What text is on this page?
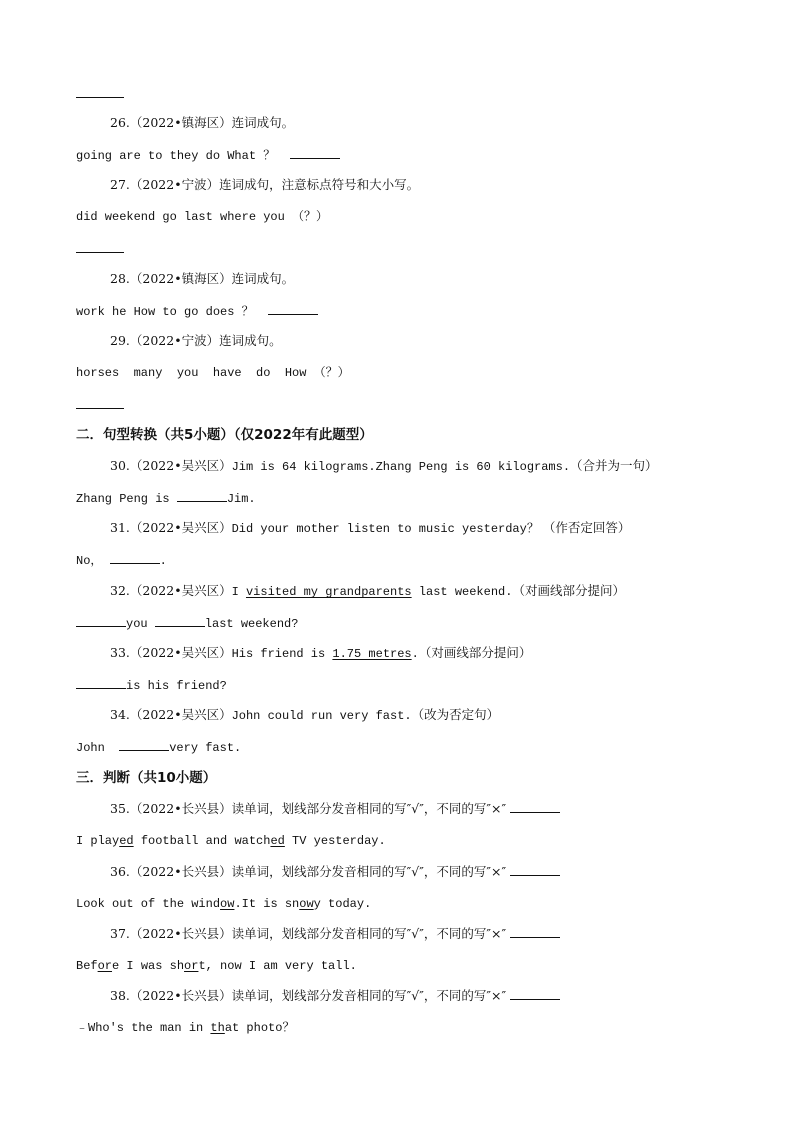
26.（2022•镇海区）连词成句。
going are to they do What ？
27.（2022•宁波）连词成句，注意标点符号和大小写。
did weekend go last where you （？）
28.（2022•镇海区）连词成句。
work he How to go does ？
29.（2022•宁波）连词成句。
horses  many  you  have  do  How （？）
二．句型转换（共5小题）（仅2022年有此题型）
30.（2022•吴兴区）Jim is 64 kilograms.Zhang Peng is 60 kilograms.（合并为一句）
Zhang Peng is	Jim.
31.（2022•吴兴区）Did your mother listen to music yesterday？ （作否定回答）
No，	.
32.（2022•吴兴区）I visited my grandparents last weekend.（对画线部分提问）
you	last weekend?
33.（2022•吴兴区）His friend is 1.75 metres.（对画线部分提问）
is his friend?
34.（2022•吴兴区）John could run very fast.（改为否定句）
John	very fast.
三．判断（共10小题）
35.（2022•长兴县）读单词，划线部分发音相同的写″√″，不同的写″×″
I played football and watched TV yesterday.
36.（2022•长兴县）读单词，划线部分发音相同的写″√″，不同的写″×″
Look out of the window.It is snowy today.
37.（2022•长兴县）读单词，划线部分发音相同的写″√″，不同的写″×″
Before I was short, now I am very tall.
38.（2022•长兴县）读单词，划线部分发音相同的写″√″，不同的写″×″
﹣Who's the man in that photo？
